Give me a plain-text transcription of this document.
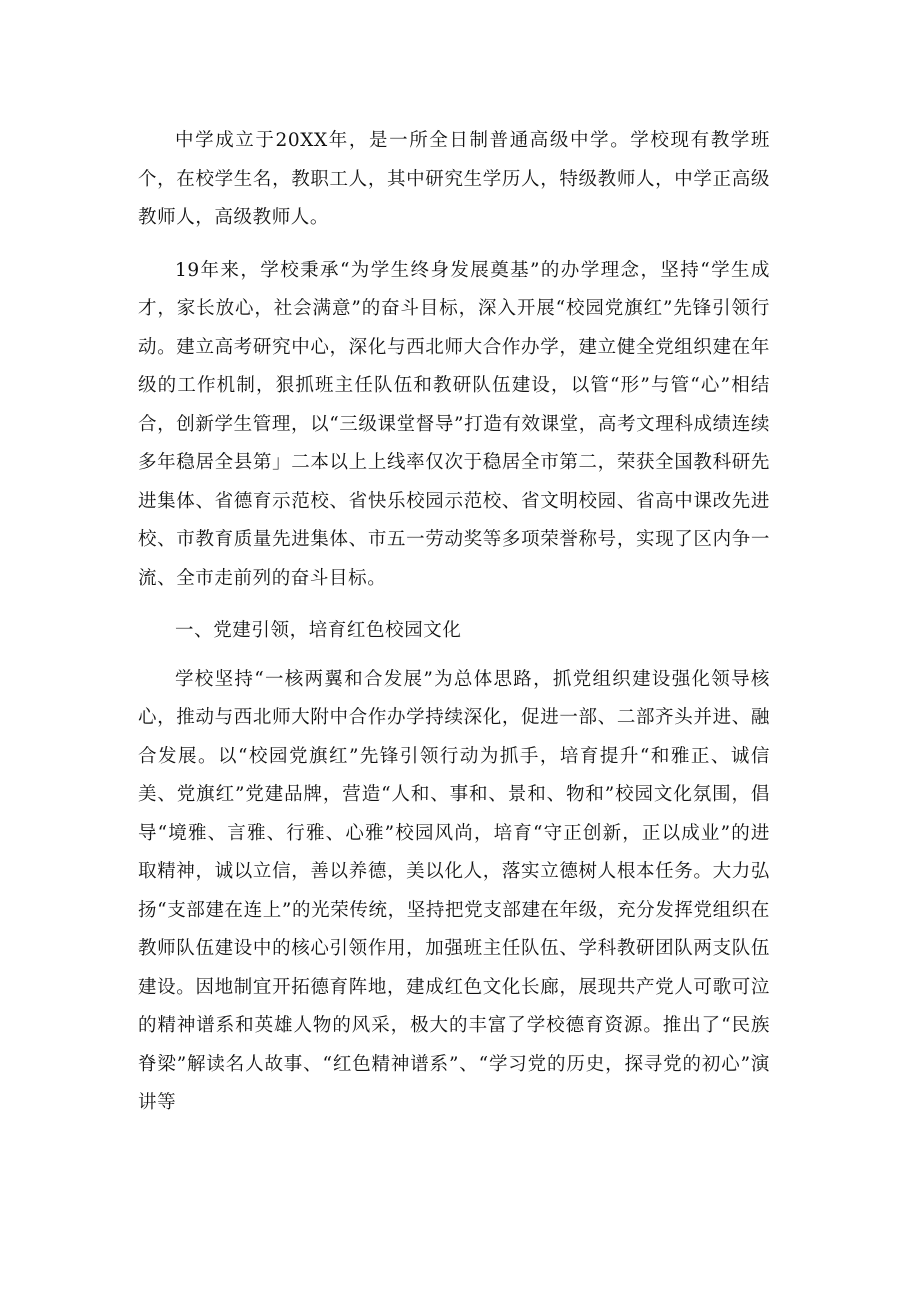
中学成立于20XX年，是一所全日制普通高级中学。学校现有教学班个，在校学生名，教职工人，其中研究生学历人，特级教师人，中学正高级教师人，高级教师人。

19年来，学校秉承“为学生终身发展奠基”的办学理念，坚持“学生成才，家长放心，社会满意”的奋斗目标，深入开展“校园党旗红”先锋引领行动。建立高考研究中心，深化与西北师大合作办学，建立健全党组织建在年级的工作机制，狠抓班主任队伍和教研队伍建设，以管“形”与管“心”相结合，创新学生管理，以“三级课堂督导”打造有效课堂，高考文理科成绩连续多年稳居全县第」二本以上上线率仅次于稳居全市第二，荣获全国教科研先进集体、省德育示范校、省快乐校园示范校、省文明校园、省高中课改先进校、市教育质量先进集体、市五一劳动奖等多项荣誉称号，实现了区内争一流、全市走前列的奋斗目标。

一、党建引领，培育红色校园文化

学校坚持“一核两翼和合发展”为总体思路，抓党组织建设强化领导核心，推动与西北师大附中合作办学持续深化，促进一部、二部齐头并进、融合发展。以“校园党旗红”先锋引领行动为抓手，培育提升“和雅正、诚信美、党旗红”党建品牌，营造“人和、事和、景和、物和”校园文化氛围，倡导“境雅、言雅、行雅、心雅”校园风尚，培育“守正创新，正以成业”的进取精神，诚以立信，善以养德，美以化人，落实立德树人根本任务。大力弘扬“支部建在连上”的光荣传统，坚持把党支部建在年级，充分发挥党组织在教师队伍建设中的核心引领作用，加强班主任队伍、学科教研团队两支队伍建设。因地制宜开拓德育阵地，建成红色文化长廊，展现共产党人可歌可泣的精神谱系和英雄人物的风采，极大的丰富了学校德育资源。推出了“民族脊梁”解读名人故事、“红色精神谱系”、“学习党的历史，探寻党的初心”演讲等
